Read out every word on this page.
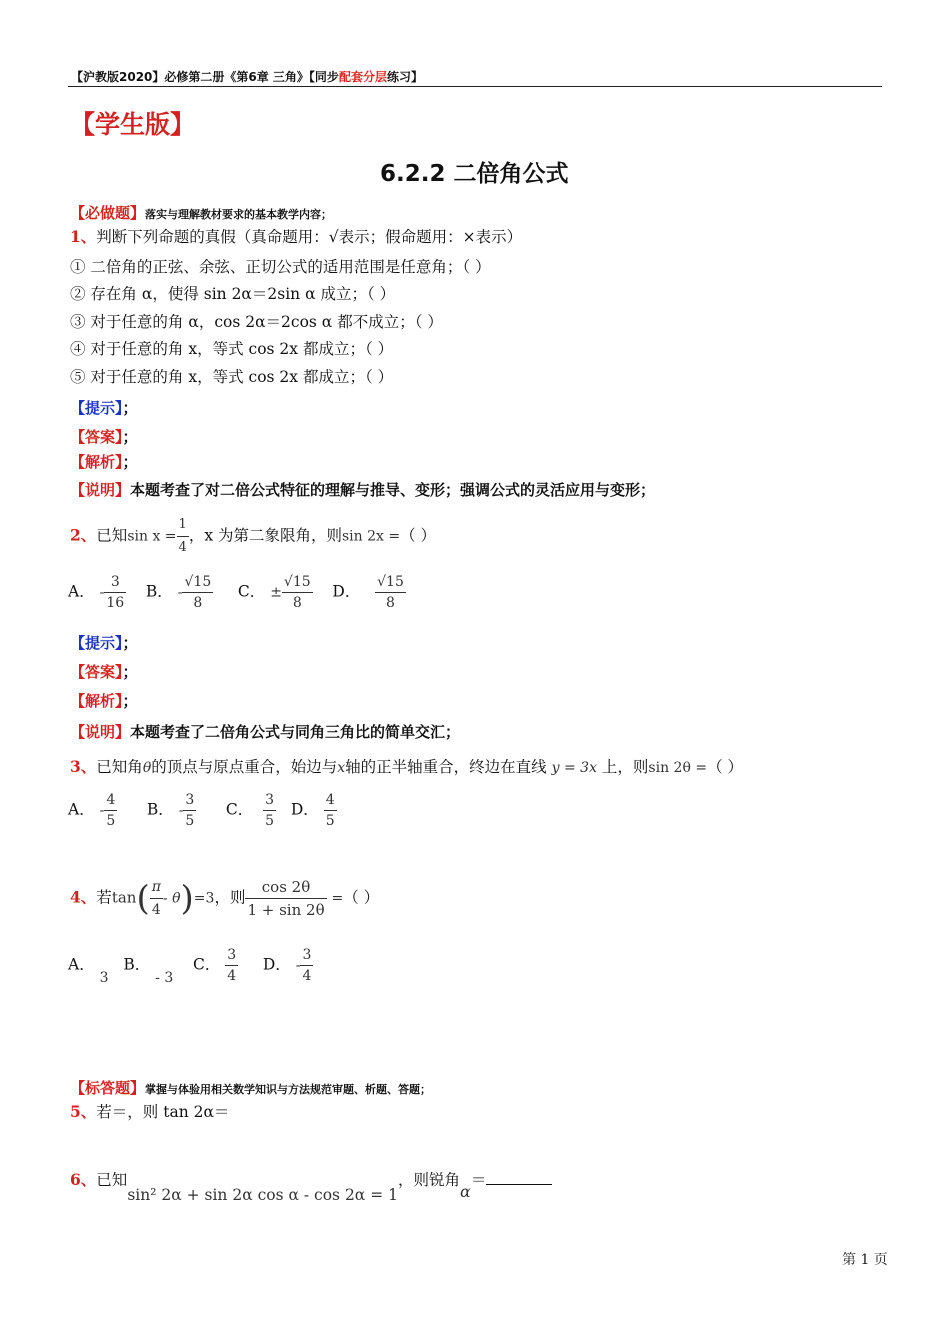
【沪教版2020】必修第二册《第6章 三角》【同步配套分层练习】
【学生版】
6.2.2 二倍角公式
【必做题】落实与理解教材要求的基本教学内容；
1、判断下列命题的真假（真命题用：√表示；假命题用：×表示）
① 二倍角的正弦、余弦、正切公式的适用范围是任意角；（ ）
② 存在角 α，使得 sin 2α＝2sin α 成立；（ ）
③ 对于任意的角 α，cos 2α＝2cos α 都不成立；（ ）
④ 对于任意的角 x，等式 cos 2x 都成立；（ ）
⑤ 对于任意的角 x，等式 cos 2x 都成立；（ ）
【提示】；
【答案】；
【解析】；
【说明】本题考查了对二倍公式特征的理解与推导、变形；强调公式的灵活应用与变形；
2、已知$\sin x = \frac{1}{4}$ ，x 为第二象限角，则sin 2x =（ ）
A． - $\frac{3}{16}$ B． - $\frac{√15}{8}$ C． ± $\frac{√15}{8}$ D． $\frac{√15}{8}$
【提示】；
【答案】；
【解析】；
【说明】本题考查了二倍角公式与同角三角比的简单交汇；
3、已知角θ的顶点与原点重合，始边与x轴的正半轴重合，终边在直线 y = 3x 上，则sin 2θ =（ ）
A． - $\frac{4}{5}$ B． - $\frac{3}{5}$ C． $\frac{3}{5}$ D． $\frac{4}{5}$
4、若$\tan( \frac{\pi}{4} - \theta)=3$，则 $\frac{\cos 2\theta}{1 + \sin 2\theta}$ =（ ）
A． 3   B． - 3    C． $\frac{3}{4}$ D． - $\frac{3}{4}$
【标答题】掌握与体验用相关数学知识与方法规范审题、析题、答题；
5、若＝，则 tan 2α＝
6、已知sin² 2α + sin 2α cos α - cos 2α = 1，则锐角α＝
第 1 页
